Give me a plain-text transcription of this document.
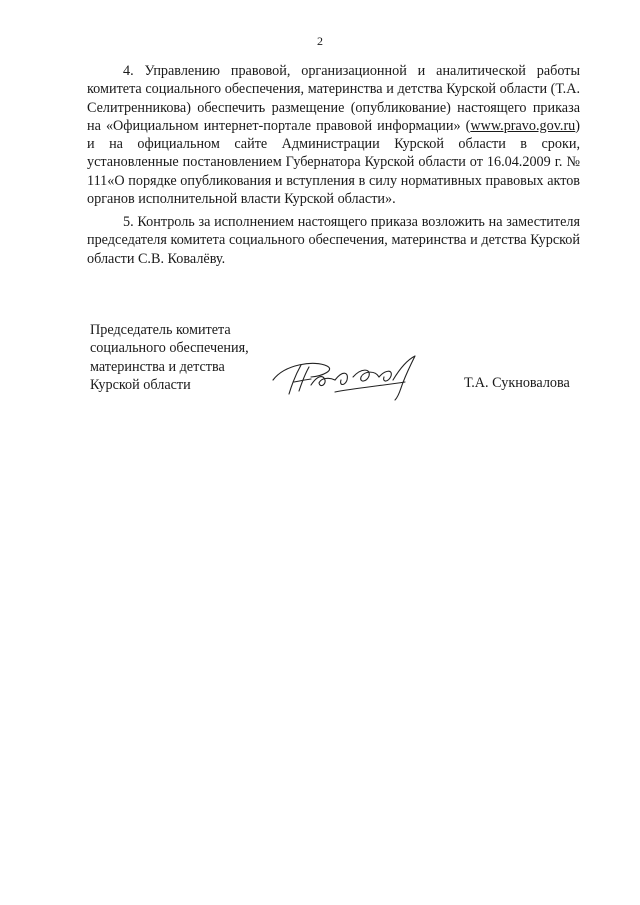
2

4. Управлению правовой, организационной и аналитической работы комитета социального обеспечения, материнства и детства Курской области (Т.А. Селитренникова) обеспечить размещение (опубликование) настоящего приказа на «Официальном интернет-портале правовой информации» (www.pravo.gov.ru) и на официальном сайте Администрации Курской области в сроки, установленные постановлением Губернатора Курской области от 16.04.2009 г. № 111«О порядке опубликования и вступления в силу нормативных правовых актов органов исполнительной власти Курской области».

5. Контроль за исполнением настоящего приказа возложить на заместителя председателя комитета социального обеспечения, материнства и детства Курской области С.В. Ковалёву.

Председатель комитета
социального обеспечения,
материнства и детства
Курской области	Т.А. Сукновалова
